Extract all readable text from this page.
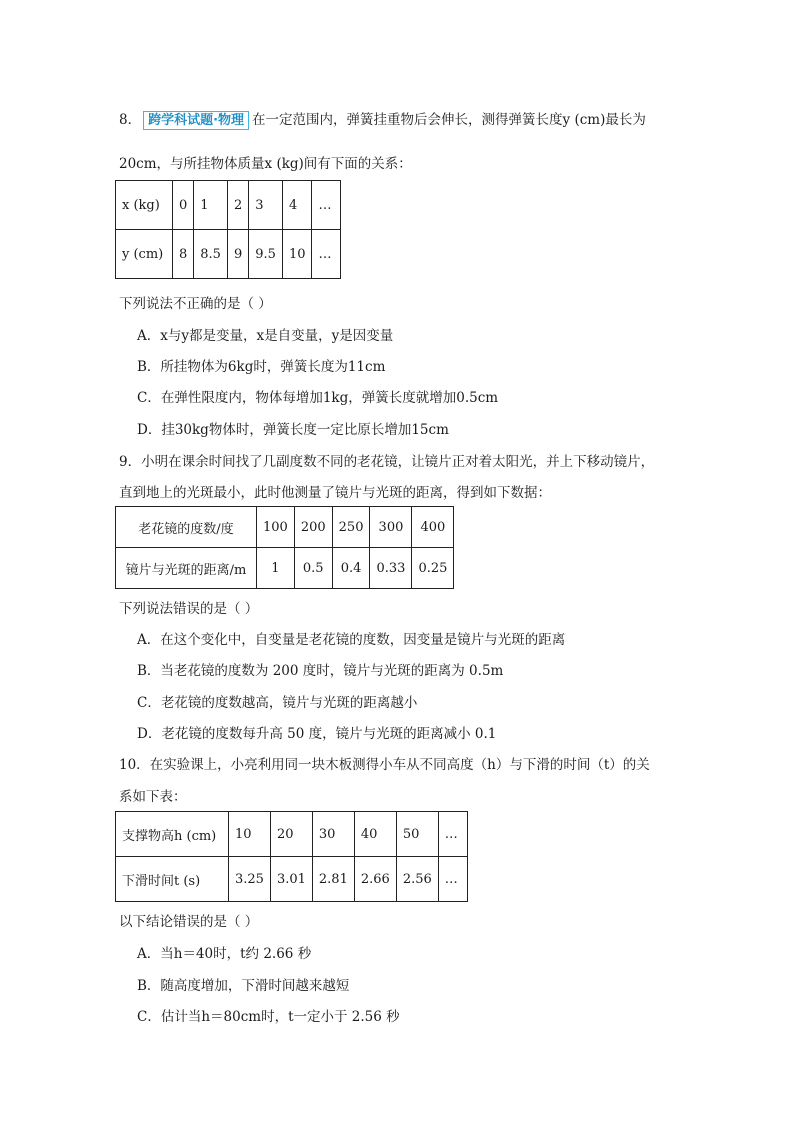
8． 跨学科试题·物理 在一定范围内，弹簧挂重物后会伸长，测得弹簧长度y (cm)最长为
20cm，与所挂物体质量x (kg)间有下面的关系：
x (kg)	0	1	2	3	4	…
y (cm)	8	8.5	9	9.5	10	…
下列说法不正确的是（ ）
A．x与y都是变量，x是自变量，y是因变量
B．所挂物体为6kg时，弹簧长度为11cm
C．在弹性限度内，物体每增加1kg，弹簧长度就增加0.5cm
D．挂30kg物体时，弹簧长度一定比原长增加15cm
9．小明在课余时间找了几副度数不同的老花镜，让镜片正对着太阳光，并上下移动镜片，
直到地上的光斑最小，此时他测量了镜片与光斑的距离，得到如下数据：
老花镜的度数/度	100	200	250	300	400
镜片与光斑的距离/m	1	0.5	0.4	0.33	0.25
下列说法错误的是（ ）
A．在这个变化中，自变量是老花镜的度数，因变量是镜片与光斑的距离
B．当老花镜的度数为 200 度时，镜片与光斑的距离为 0.5m
C．老花镜的度数越高，镜片与光斑的距离越小
D．老花镜的度数每升高 50 度，镜片与光斑的距离减小 0.1
10．在实验课上，小亮利用同一块木板测得小车从不同高度（h）与下滑的时间（t）的关
系如下表：
支撑物高h (cm)	10	20	30	40	50	…
下滑时间t (s)	3.25	3.01	2.81	2.66	2.56	…
以下结论错误的是（ ）
A．当h＝40时，t约 2.66 秒
B．随高度增加，下滑时间越来越短
C．估计当h＝80cm时，t一定小于 2.56 秒
